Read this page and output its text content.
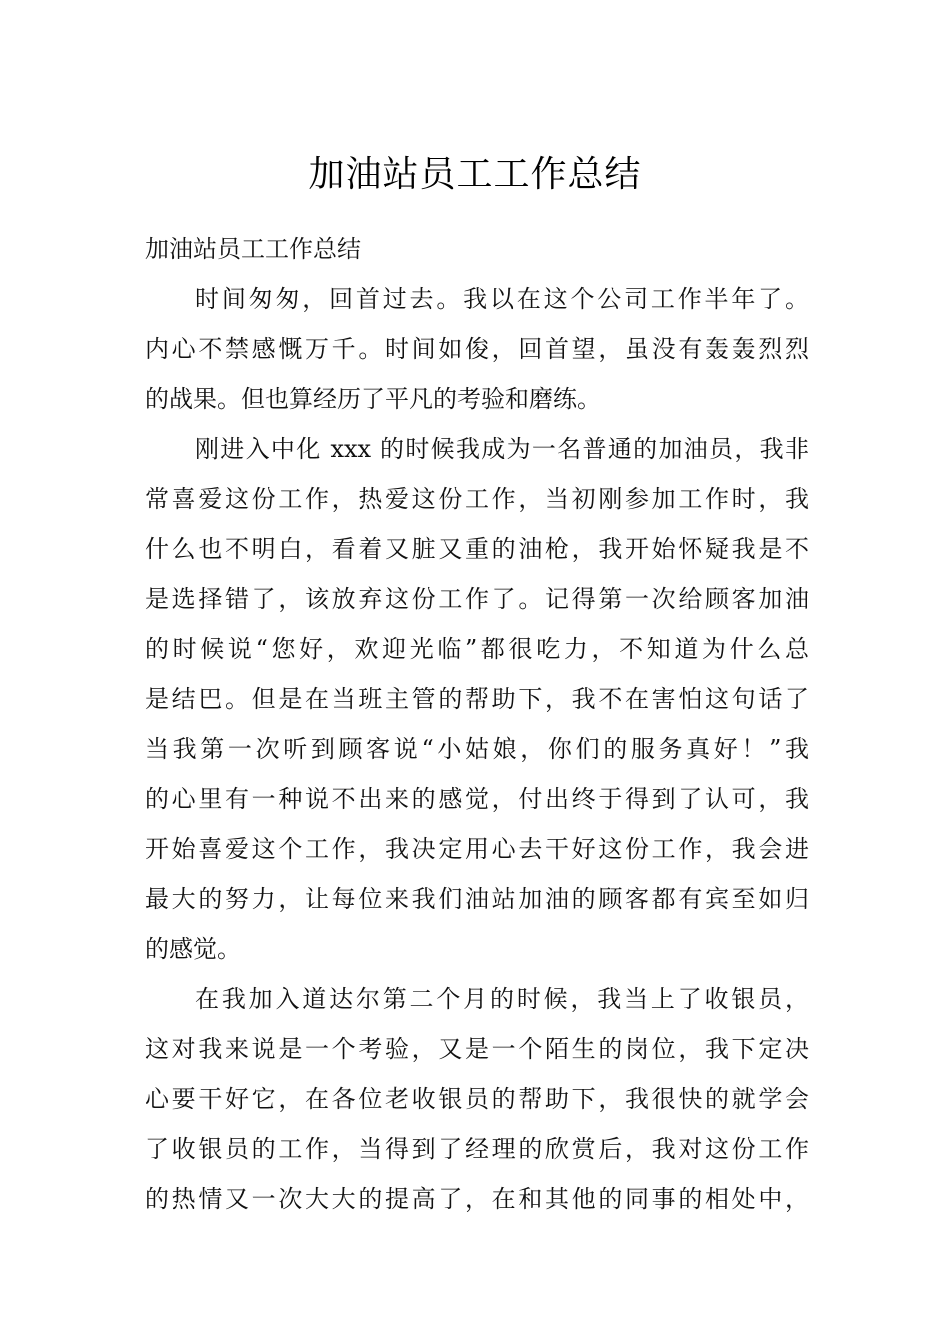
加油站员工工作总结

加油站员工工作总结

时间匆匆，回首过去。我以在这个公司工作半年了。
内心不禁感慨万千。时间如俊，回首望，虽没有轰轰烈烈
的战果。但也算经历了平凡的考验和磨练。
刚进入中化 xxx 的时候我成为一名普通的加油员，我非
常喜爱这份工作，热爱这份工作，当初刚参加工作时，我
什么也不明白，看着又脏又重的油枪，我开始怀疑我是不
是选择错了，该放弃这份工作了。记得第一次给顾客加油
的时候说“您好，欢迎光临”都很吃力，不知道为什么总
是结巴。但是在当班主管的帮助下，我不在害怕这句话了
当我第一次听到顾客说“小姑娘，你们的服务真好！”我
的心里有一种说不出来的感觉，付出终于得到了认可，我
开始喜爱这个工作，我决定用心去干好这份工作，我会进
最大的努力，让每位来我们油站加油的顾客都有宾至如归
的感觉。
在我加入道达尔第二个月的时候，我当上了收银员，
这对我来说是一个考验，又是一个陌生的岗位，我下定决
心要干好它，在各位老收银员的帮助下，我很快的就学会
了收银员的工作，当得到了经理的欣赏后，我对这份工作
的热情又一次大大的提高了，在和其他的同事的相处中，
